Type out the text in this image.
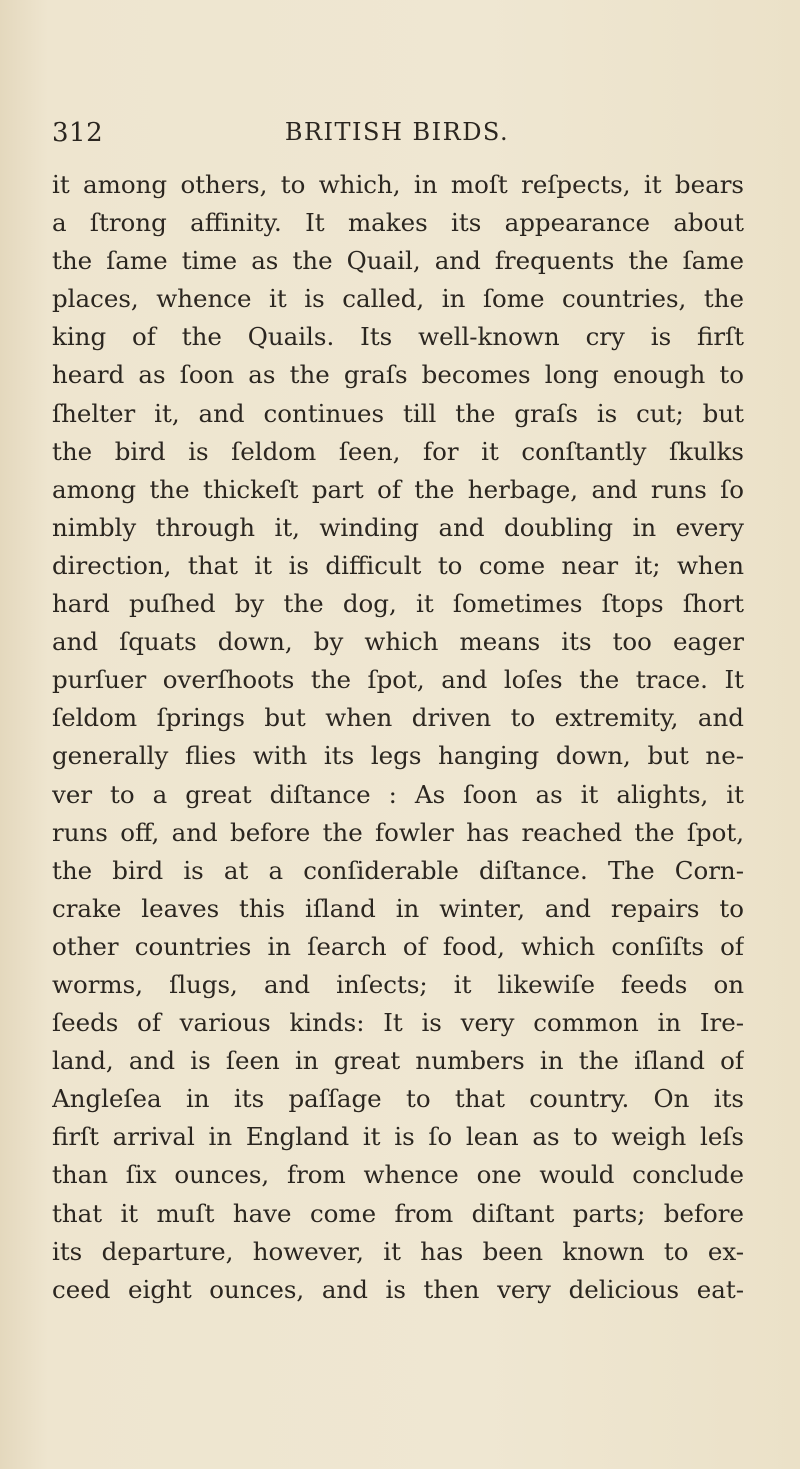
312	BRITISH BIRDS.
it among others, to which, in moſt reſpects, it bears
a ſtrong affinity. It makes its appearance about
the ſame time as the Quail, and frequents the ſame
places, whence it is called, in ſome countries, the
king of the Quails. Its well-known cry is firſt
heard as ſoon as the graſs becomes long enough to
ſhelter it, and continues till the graſs is cut; but
the bird is ſeldom ſeen, for it conſtantly ſkulks
among the thickeſt part of the herbage, and runs ſo
nimbly through it, winding and doubling in every
direction, that it is difficult to come near it; when
hard puſhed by the dog, it ſometimes ſtops ſhort
and ſquats down, by which means its too eager
purſuer overſhoots the ſpot, and loſes the trace. It
ſeldom ſprings but when driven to extremity, and
generally flies with its legs hanging down, but ne-
ver to a great diſtance : As ſoon as it alights, it
runs off, and before the fowler has reached the ſpot,
the bird is at a conſiderable diſtance. The Corn-
crake leaves this iſland in winter, and repairs to
other countries in ſearch of food, which conſiſts of
worms, ſlugs, and inſects; it likewiſe feeds on
ſeeds of various kinds: It is very common in Ire-
land, and is ſeen in great numbers in the iſland of
Angleſea in its paſſage to that country. On its
firſt arrival in England it is ſo lean as to weigh leſs
than ſix ounces, from whence one would conclude
that it muſt have come from diſtant parts; before
its departure, however, it has been known to ex-
ceed eight ounces, and is then very delicious eat-
